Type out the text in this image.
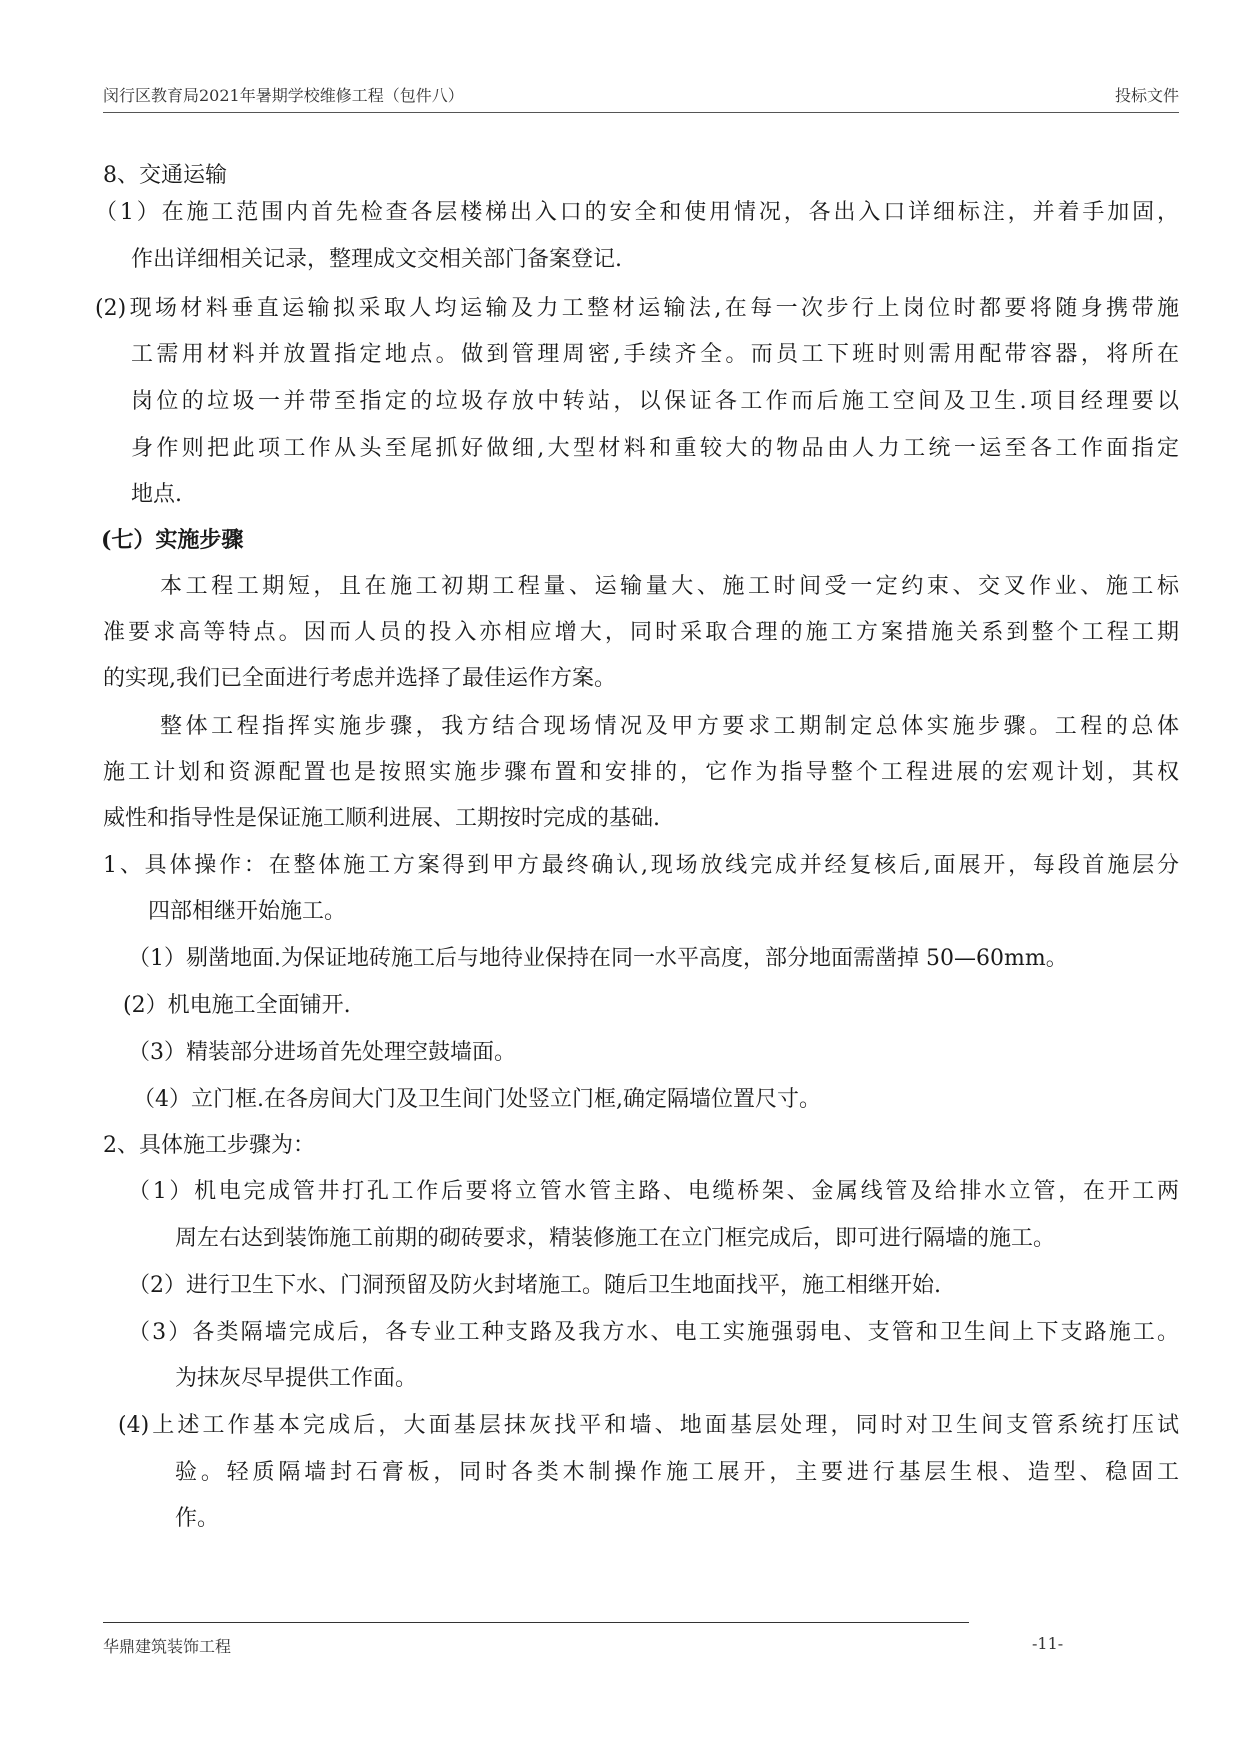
闵行区教育局2021年暑期学校维修工程（包件八）	投标文件
8、交通运输
（1）在施工范围内首先检查各层楼梯出入口的安全和使用情况，各出入口详细标注，并着手加固，
作出详细相关记录，整理成文交相关部门备案登记.
(2)现场材料垂直运输拟采取人均运输及力工整材运输法,在每一次步行上岗位时都要将随身携带施
工需用材料并放置指定地点。做到管理周密,手续齐全。而员工下班时则需用配带容器，将所在
岗位的垃圾一并带至指定的垃圾存放中转站，以保证各工作而后施工空间及卫生.项目经理要以
身作则把此项工作从头至尾抓好做细,大型材料和重较大的物品由人力工统一运至各工作面指定
地点.
(七）实施步骤
本工程工期短，且在施工初期工程量、运输量大、施工时间受一定约束、交叉作业、施工标
准要求高等特点。因而人员的投入亦相应增大，同时采取合理的施工方案措施关系到整个工程工期
的实现,我们已全面进行考虑并选择了最佳运作方案。
整体工程指挥实施步骤，我方结合现场情况及甲方要求工期制定总体实施步骤。工程的总体
施工计划和资源配置也是按照实施步骤布置和安排的，它作为指导整个工程进展的宏观计划，其权
威性和指导性是保证施工顺利进展、工期按时完成的基础.
1、具体操作：在整体施工方案得到甲方最终确认,现场放线完成并经复核后,面展开，每段首施层分
四部相继开始施工。
（1）剔凿地面.为保证地砖施工后与地待业保持在同一水平高度，部分地面需凿掉 50—60mm。
(2）机电施工全面铺开.
（3）精装部分进场首先处理空鼓墙面。
（4）立门框.在各房间大门及卫生间门处竖立门框,确定隔墙位置尺寸。
2、具体施工步骤为：
（1）机电完成管井打孔工作后要将立管水管主路、电缆桥架、金属线管及给排水立管，在开工两
周左右达到装饰施工前期的砌砖要求，精装修施工在立门框完成后，即可进行隔墙的施工。
（2）进行卫生下水、门洞预留及防火封堵施工。随后卫生地面找平，施工相继开始.
（3）各类隔墙完成后，各专业工种支路及我方水、电工实施强弱电、支管和卫生间上下支路施工。
为抹灰尽早提供工作面。
(4)上述工作基本完成后，大面基层抹灰找平和墙、地面基层处理，同时对卫生间支管系统打压试
验。轻质隔墙封石膏板，同时各类木制操作施工展开，主要进行基层生根、造型、稳固工
作。
华鼎建筑装饰工程	-11-
